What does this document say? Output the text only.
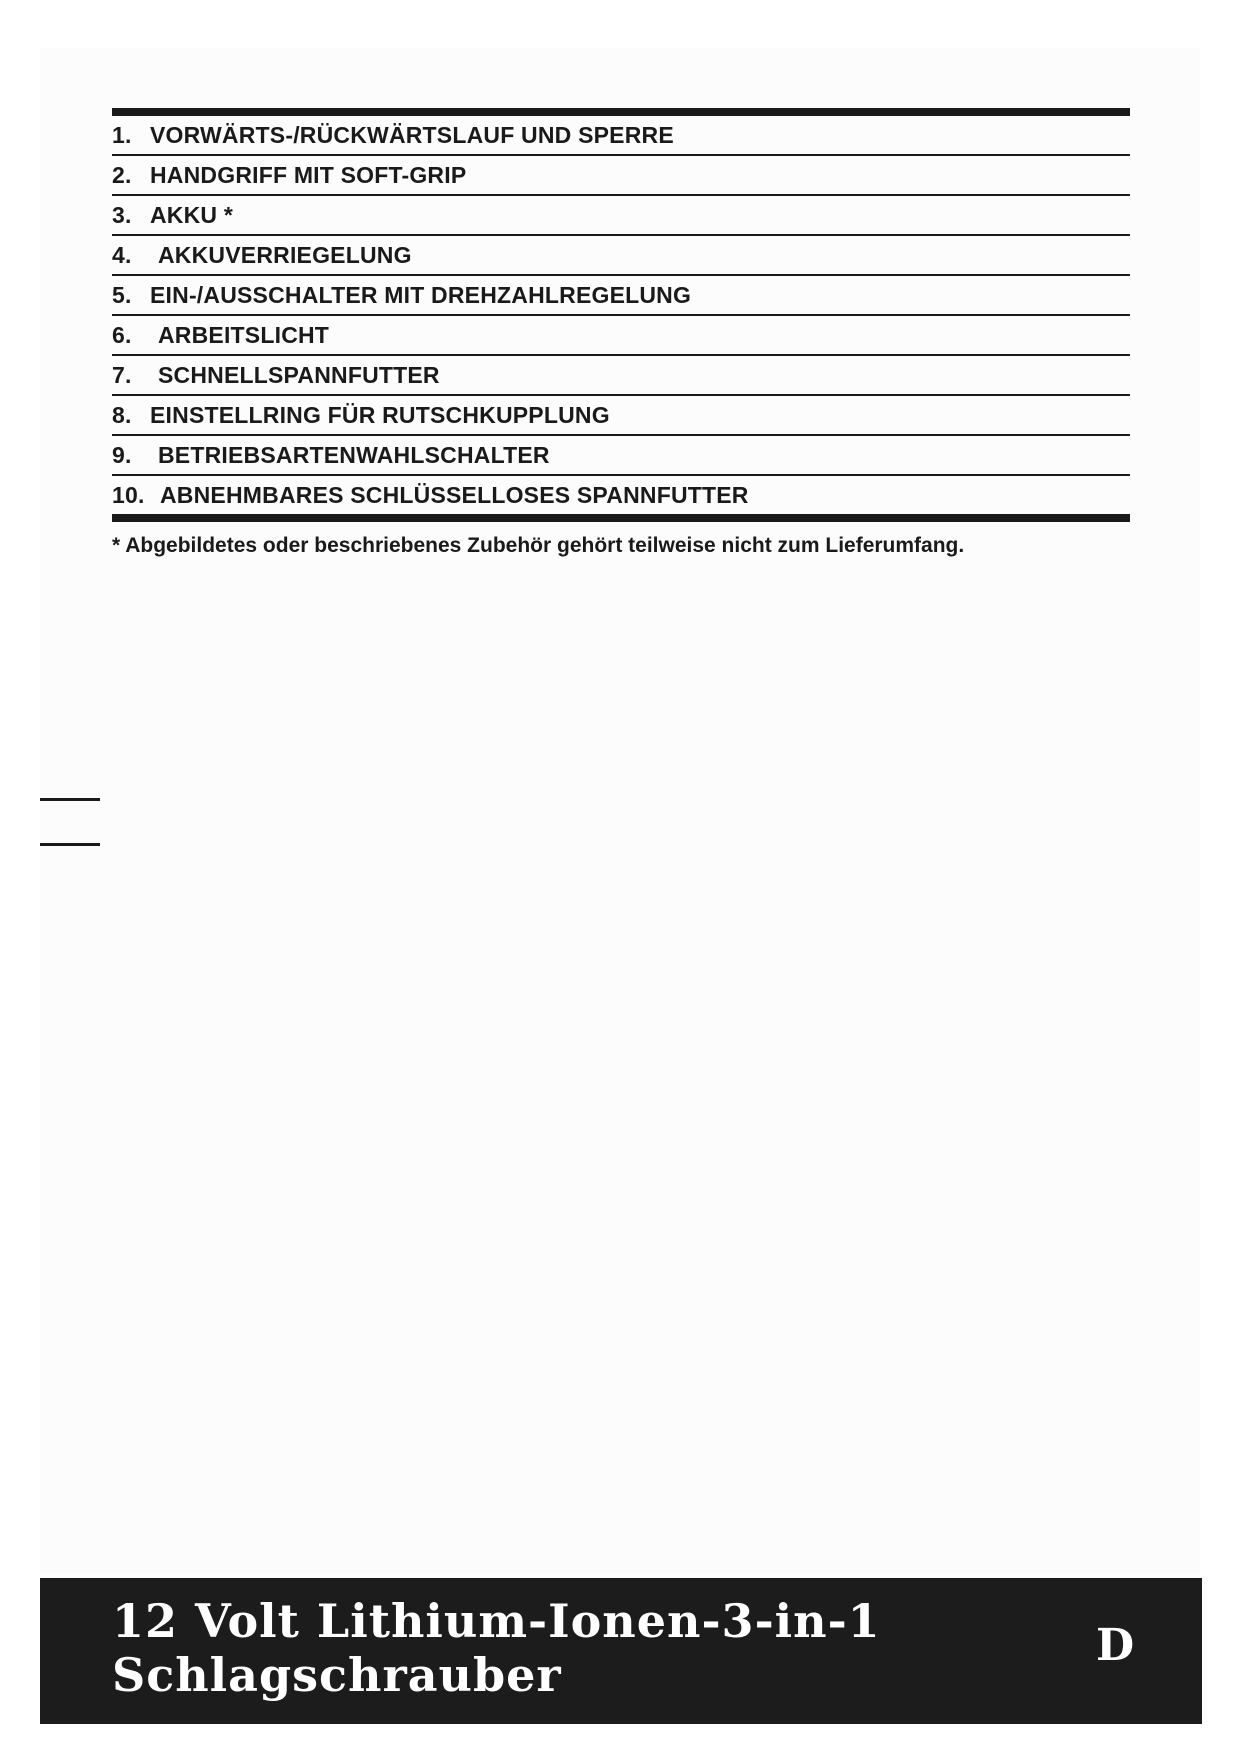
1. VORWÄRTS-/RÜCKWÄRTSLAUF UND SPERRE
2. HANDGRIFF MIT SOFT-GRIP
3. AKKU *
4.	AKKUVERRIEGELUNG
5. EIN-/AUSSCHALTER MIT DREHZAHLREGELUNG
6.	ARBEITSLICHT
7.	SCHNELLSPANNFUTTER
8. EINSTELLRING FÜR RUTSCHKUPPLUNG
9.	BETRIEBSARTENWAHLSCHALTER
10. ABNEHMBARES SCHLÜSSELLOSES SPANNFUTTER
* Abgebildetes oder beschriebenes Zubehör gehört teilweise nicht zum Lieferumfang.
12 Volt Lithium-Ionen-3-in-1
Schlagschrauber
D
